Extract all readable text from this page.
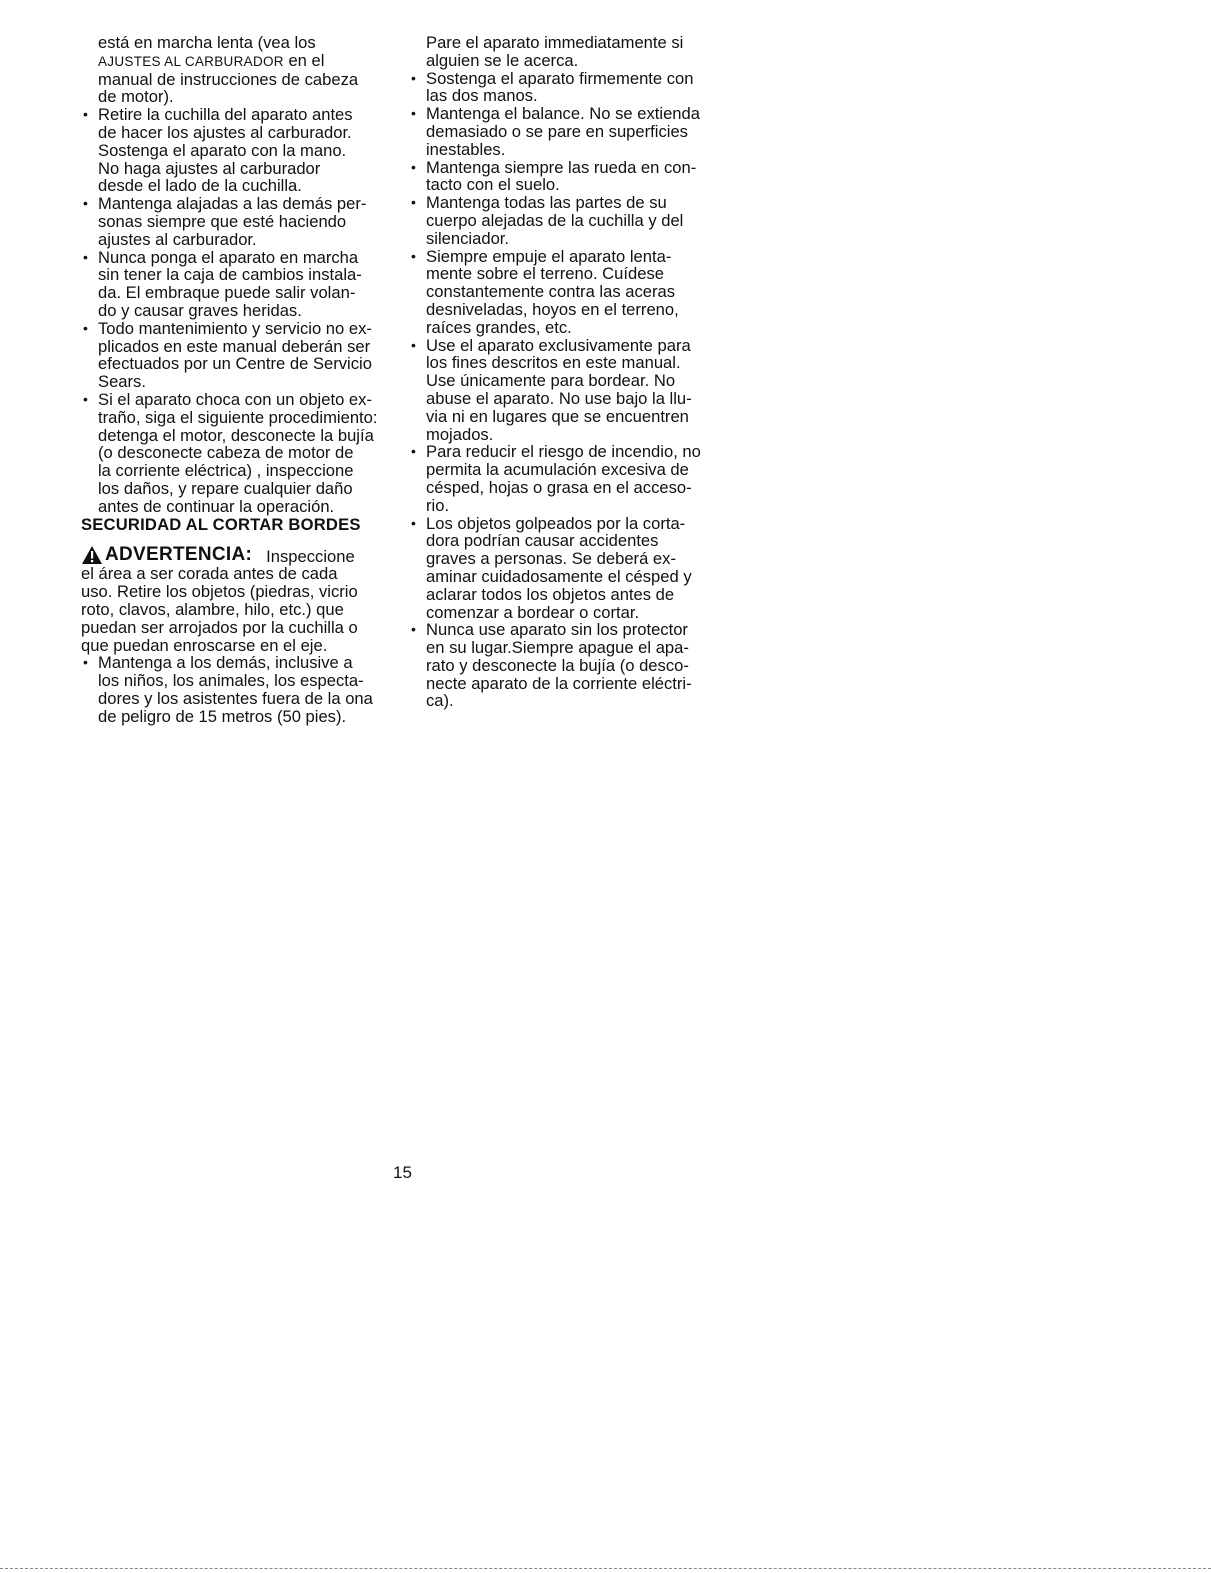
está en marcha lenta (vea los

AJUSTES AL CARBURADOR en el

manual de instrucciones de cabeza

de motor).

• Retire la cuchilla del aparato antes

de hacer los ajustes al carburador.

Sostenga el aparato con la mano.

No haga ajustes al carburador

desde el lado de la cuchilla.

• Mantenga alajadas a las demás per-

sonas siempre que esté haciendo

ajustes al carburador.

• Nunca ponga el aparato en marcha

sin tener la caja de cambios instala-

da. El embraque puede salir volan-

do y causar graves heridas.

• Todo mantenimiento y servicio no ex-

plicados en este manual deberán ser

efectuados por un Centre de Servicio

Sears.

• Si el aparato choca con un objeto ex-

traño, siga el siguiente procedimiento:

detenga el motor, desconecte la bujía

(o desconecte cabeza de motor de

la corriente eléctrica) , inspeccione

los daños, y repare cualquier daño

antes de continuar la operación.

SECURIDAD AL CORTAR BORDES

ADVERTENCIA: Inspeccione

el área a ser corada antes de cada

uso. Retire los objetos (piedras, vicrio

roto, clavos, alambre, hilo, etc.) que

puedan ser arrojados por la cuchilla o

que puedan enroscarse en el eje.

• Mantenga a los demás, inclusive a

los niños, los animales, los especta-

dores y los asistentes fuera de la ona

de peligro de 15 metros (50 pies).

Pare el aparato immediatamente si

alguien se le acerca.

• Sostenga el aparato firmemente con

las dos manos.

• Mantenga el balance. No se extienda

demasiado o se pare en superficies

inestables.

• Mantenga siempre las rueda en con-

tacto con el suelo.

• Mantenga todas las partes de su

cuerpo alejadas de la cuchilla y del

silenciador.

• Siempre empuje el aparato lenta-

mente sobre el terreno. Cuídese

constantemente contra las aceras

desniveladas, hoyos en el terreno,

raíces grandes, etc.

• Use el aparato exclusivamente para

los fines descritos en este manual.

Use únicamente para bordear. No

abuse el aparato. No use bajo la llu-

via ni en lugares que se encuentren

mojados.

• Para reducir el riesgo de incendio, no

permita la acumulación excesiva de

césped, hojas o grasa en el acceso-

rio.

• Los objetos golpeados por la corta-

dora podrían causar accidentes

graves a personas. Se deberá ex-

aminar cuidadosamente el césped y

aclarar todos los objetos antes de

comenzar a bordear o cortar.

• Nunca use aparato sin los protector

en su lugar.Siempre apague el apa-

rato y desconecte la bujía (o desco-

necte aparato de la corriente eléctri-

ca).

15
